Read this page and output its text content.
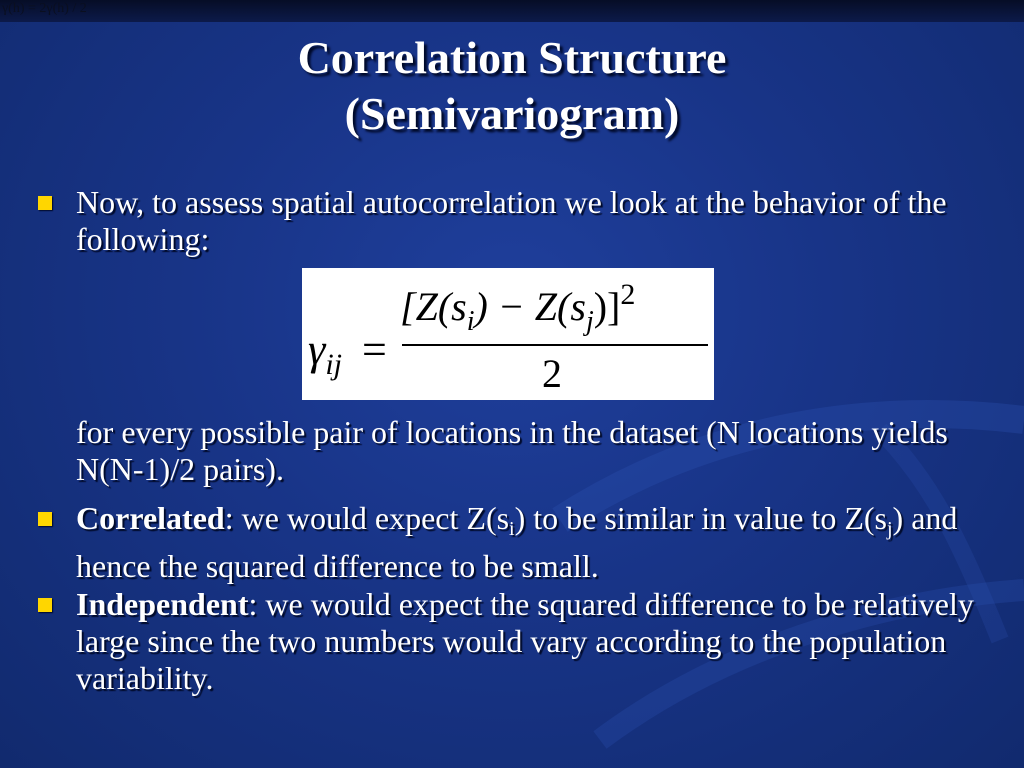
γ(h) = 2γ(h) / 2
Correlation Structure
(Semivariogram)
Now, to assess spatial autocorrelation we look at the behavior of the following:
$\gamma_{ij}$ =
$[Z(s_i) - Z(s_j)]^2$
2
for every possible pair of locations in the dataset (N locations yields N(N-1)/2 pairs).
Correlated: we would expect Z(si) to be similar in value to Z(sj) and hence the squared difference to be small.
Independent: we would expect the squared difference to be relatively large since the two numbers would vary according to the population variability.
